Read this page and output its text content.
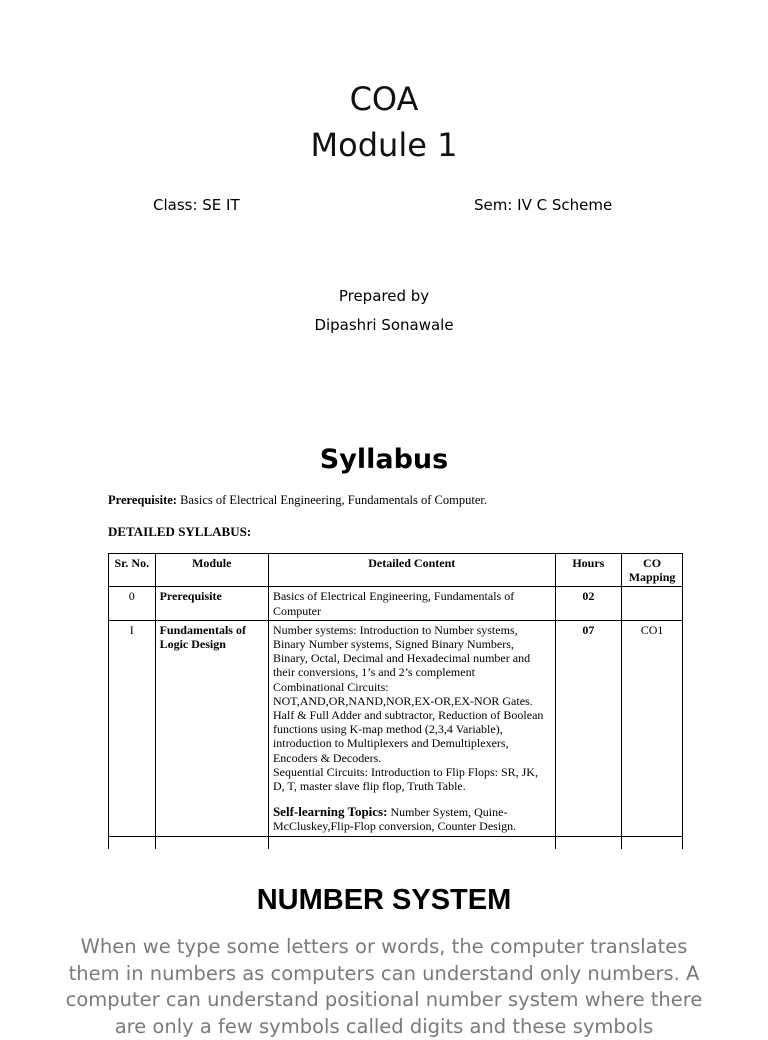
COA
Module 1
Class: SE IT	Sem: IV C Scheme
Prepared by
Dipashri Sonawale
Syllabus
Prerequisite: Basics of Electrical Engineering, Fundamentals of Computer.
DETAILED SYLLABUS:
Sr. No.	Module	Detailed Content	Hours	CO Mapping
0	Prerequisite	Basics of Electrical Engineering, Fundamentals of Computer	02	
I	Fundamentals of Logic Design	Number systems: Introduction to Number systems, Binary Number systems, Signed Binary Numbers, Binary, Octal, Decimal and Hexadecimal number and their conversions, 1’s and 2’s complement
Combinational Circuits: NOT,AND,OR,NAND,NOR,EX-OR,EX-NOR Gates. Half & Full Adder and subtractor, Reduction of Boolean functions using K-map method (2,3,4 Variable), introduction to Multiplexers and Demultiplexers, Encoders & Decoders.
Sequential Circuits: Introduction to Flip Flops: SR, JK, D, T, master slave flip flop, Truth Table.
Self-learning Topics: Number System, Quine-McCluskey,Flip-Flop conversion, Counter Design.	07	CO1

NUMBER SYSTEM
When we type some letters or words, the computer translates them in numbers as computers can understand only numbers. A computer can understand positional number system where there are only a few symbols called digits and these symbols
